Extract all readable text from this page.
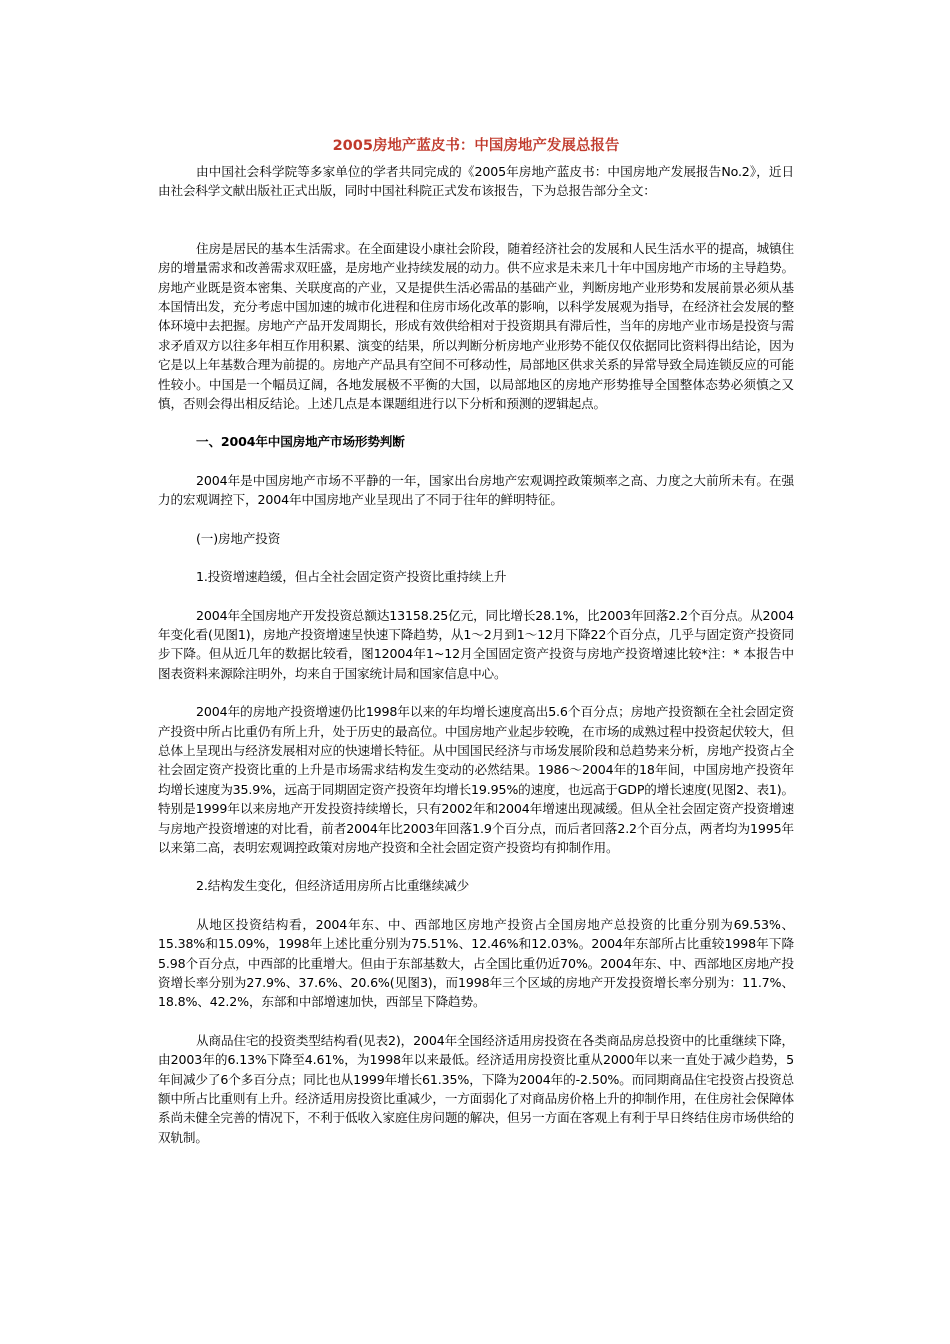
2005房地产蓝皮书：中国房地产发展总报告

由中国社会科学院等多家单位的学者共同完成的《2005年房地产蓝皮书：中国房地产发展报告No.2》，近日由社会科学文献出版社正式出版，同时中国社科院正式发布该报告，下为总报告部分全文：

住房是居民的基本生活需求。在全面建设小康社会阶段，随着经济社会的发展和人民生活水平的提高，城镇住房的增量需求和改善需求双旺盛，是房地产业持续发展的动力。供不应求是未来几十年中国房地产市场的主导趋势。房地产业既是资本密集、关联度高的产业，又是提供生活必需品的基础产业，判断房地产业形势和发展前景必须从基本国情出发，充分考虑中国加速的城市化进程和住房市场化改革的影响，以科学发展观为指导，在经济社会发展的整体环境中去把握。房地产产品开发周期长，形成有效供给相对于投资期具有滞后性，当年的房地产业市场是投资与需求矛盾双方以往多年相互作用积累、演变的结果，所以判断分析房地产业形势不能仅仅依据同比资料得出结论，因为它是以上年基数合理为前提的。房地产产品具有空间不可移动性，局部地区供求关系的异常导致全局连锁反应的可能性较小。中国是一个幅员辽阔，各地发展极不平衡的大国，以局部地区的房地产形势推导全国整体态势必须慎之又慎，否则会得出相反结论。上述几点是本课题组进行以下分析和预测的逻辑起点。

一、2004年中国房地产市场形势判断

2004年是中国房地产市场不平静的一年，国家出台房地产宏观调控政策频率之高、力度之大前所未有。在强力的宏观调控下，2004年中国房地产业呈现出了不同于往年的鲜明特征。

(一)房地产投资

1.投资增速趋缓，但占全社会固定资产投资比重持续上升

2004年全国房地产开发投资总额达13158.25亿元，同比增长28.1%，比2003年回落2.2个百分点。从2004年变化看(见图1)，房地产投资增速呈快速下降趋势，从1～2月到1～12月下降22个百分点，几乎与固定资产投资同步下降。但从近几年的数据比较看，图12004年1~12月全国固定资产投资与房地产投资增速比较*注：* 本报告中图表资料来源除注明外，均来自于国家统计局和国家信息中心。

2004年的房地产投资增速仍比1998年以来的年均增长速度高出5.6个百分点；房地产投资额在全社会固定资产投资中所占比重仍有所上升，处于历史的最高位。中国房地产业起步较晚，在市场的成熟过程中投资起伏较大，但总体上呈现出与经济发展相对应的快速增长特征。从中国国民经济与市场发展阶段和总趋势来分析，房地产投资占全社会固定资产投资比重的上升是市场需求结构发生变动的必然结果。1986～2004年的18年间，中国房地产投资年均增长速度为35.9%，远高于同期固定资产投资年均增长19.95%的速度，也远高于GDP的增长速度(见图2、表1)。特别是1999年以来房地产开发投资持续增长，只有2002年和2004年增速出现减缓。但从全社会固定资产投资增速与房地产投资增速的对比看，前者2004年比2003年回落1.9个百分点，而后者回落2.2个百分点，两者均为1995年以来第二高，表明宏观调控政策对房地产投资和全社会固定资产投资均有抑制作用。

2.结构发生变化，但经济适用房所占比重继续减少

从地区投资结构看，2004年东、中、西部地区房地产投资占全国房地产总投资的比重分别为69.53%、15.38%和15.09%，1998年上述比重分别为75.51%、12.46%和12.03%。2004年东部所占比重较1998年下降5.98个百分点，中西部的比重增大。但由于东部基数大，占全国比重仍近70%。2004年东、中、西部地区房地产投资增长率分别为27.9%、37.6%、20.6%(见图3)，而1998年三个区域的房地产开发投资增长率分别为：11.7%、18.8%、42.2%，东部和中部增速加快，西部呈下降趋势。

从商品住宅的投资类型结构看(见表2)，2004年全国经济适用房投资在各类商品房总投资中的比重继续下降，由2003年的6.13%下降至4.61%，为1998年以来最低。经济适用房投资比重从2000年以来一直处于减少趋势，5年间减少了6个多百分点；同比也从1999年增长61.35%，下降为2004年的-2.50%。而同期商品住宅投资占投资总额中所占比重则有上升。经济适用房投资比重减少，一方面弱化了对商品房价格上升的抑制作用，在住房社会保障体系尚未健全完善的情况下，不利于低收入家庭住房问题的解决，但另一方面在客观上有利于早日终结住房市场供给的双轨制。
